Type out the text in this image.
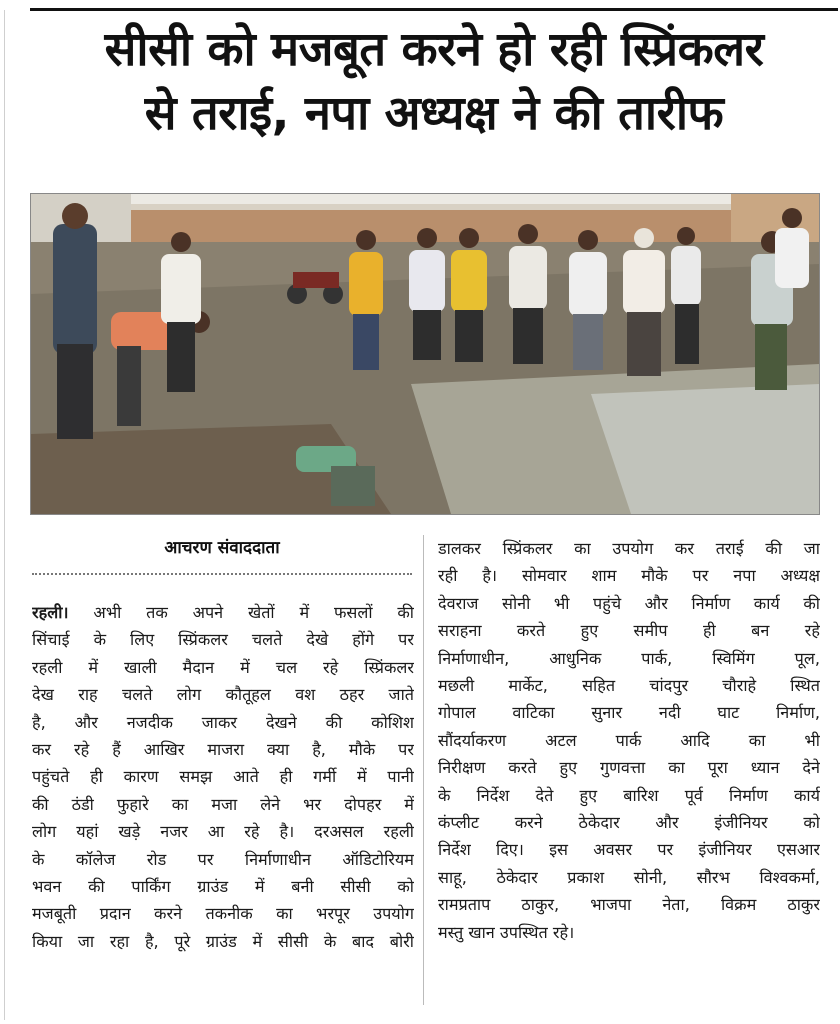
सीसी को मजबूत करने हो रही स्प्रिंकलर
से तराई, नपा अध्यक्ष ने की तारीफ
आचरण संवाददाता
रहली। अभी तक अपने खेतों में फसलों की
सिंचाई के लिए स्प्रिंकलर चलते देखे होंगे पर
रहली में खाली मैदान में चल रहे स्प्रिंकलर
देख राह चलते लोग कौतूहल वश ठहर जाते
है, और नजदीक जाकर देखने की कोशिश
कर रहे हैं आखिर माजरा क्या है, मौके पर
पहुंचते ही कारण समझ आते ही गर्मी में पानी
की ठंडी फुहारे का मजा लेने भर दोपहर में
लोग यहां खड़े नजर आ रहे है। दरअसल रहली
के कॉलेज रोड पर निर्माणाधीन ऑडिटोरियम
भवन की पार्किंग ग्राउंड में बनी सीसी को
मजबूती प्रदान करने तकनीक का भरपूर उपयोग
किया जा रहा है, पूरे ग्राउंड में सीसी के बाद बोरी
डालकर स्प्रिंकलर का उपयोग कर तराई की जा
रही है। सोमवार शाम मौके पर नपा अध्यक्ष
देवराज सोनी भी पहुंचे और निर्माण कार्य की
सराहना करते हुए समीप ही बन रहे
निर्माणाधीन, आधुनिक पार्क, स्विमिंग पूल,
मछली मार्केट, सहित चांदपुर चौराहे स्थित
गोपाल वाटिका सुनार नदी घाट निर्माण,
सौंदर्याकरण अटल पार्क आदि का भी
निरीक्षण करते हुए गुणवत्ता का पूरा ध्यान देने
के निर्देश देते हुए बारिश पूर्व निर्माण कार्य
कंप्लीट करने ठेकेदार और इंजीनियर को
निर्देश दिए। इस अवसर पर इंजीनियर एसआर
साहू, ठेकेदार प्रकाश सोनी, सौरभ विश्वकर्मा,
रामप्रताप ठाकुर, भाजपा नेता, विक्रम ठाकुर
मस्तु खान उपस्थित रहे।
